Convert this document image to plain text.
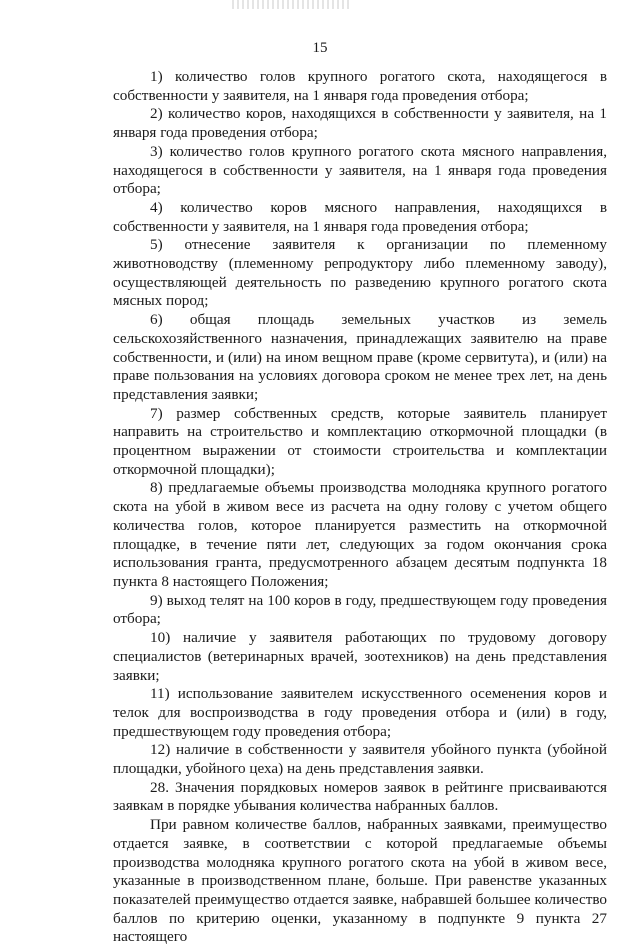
15

1) количество голов крупного рогатого скота, находящегося в собственности у заявителя, на 1 января года проведения отбора;

2) количество коров, находящихся в собственности у заявителя, на 1 января года проведения отбора;

3) количество голов крупного рогатого скота мясного направления, находящегося в собственности у заявителя, на 1 января года проведения отбора;

4) количество коров мясного направления, находящихся в собственности у заявителя, на 1 января года проведения отбора;

5) отнесение заявителя к организации по племенному животноводству (племенному репродуктору либо племенному заводу), осуществляющей деятельность по разведению крупного рогатого скота мясных пород;

6) общая площадь земельных участков из земель сельскохозяйственного назначения, принадлежащих заявителю на праве собственности, и (или) на ином вещном праве (кроме сервитута), и (или) на праве пользования на условиях договора сроком не менее трех лет, на день представления заявки;

7) размер собственных средств, которые заявитель планирует направить на строительство и комплектацию откормочной площадки (в процентном выражении от стоимости строительства и комплектации откормочной площадки);

8) предлагаемые объемы производства молодняка крупного рогатого скота на убой в живом весе из расчета на одну голову с учетом общего количества голов, которое планируется разместить на откормочной площадке, в течение пяти лет, следующих за годом окончания срока использования гранта, предусмотренного абзацем десятым подпункта 18 пункта 8 настоящего Положения;

9) выход телят на 100 коров в году, предшествующем году проведения отбора;

10) наличие у заявителя работающих по трудовому договору специалистов (ветеринарных врачей, зоотехников) на день представления заявки;

11) использование заявителем искусственного осеменения коров и телок для воспроизводства в году проведения отбора и (или) в году, предшествующем году проведения отбора;

12) наличие в собственности у заявителя убойного пункта (убойной площадки, убойного цеха) на день представления заявки.

28. Значения порядковых номеров заявок в рейтинге присваиваются заявкам в порядке убывания количества набранных баллов.

При равном количестве баллов, набранных заявками, преимущество отдается заявке, в соответствии с которой предлагаемые объемы производства молодняка крупного рогатого скота на убой в живом весе, указанные в производственном плане, больше. При равенстве указанных показателей преимущество отдается заявке, набравшей большее количество баллов по критерию оценки, указанному в подпункте 9 пункта 27 настоящего
